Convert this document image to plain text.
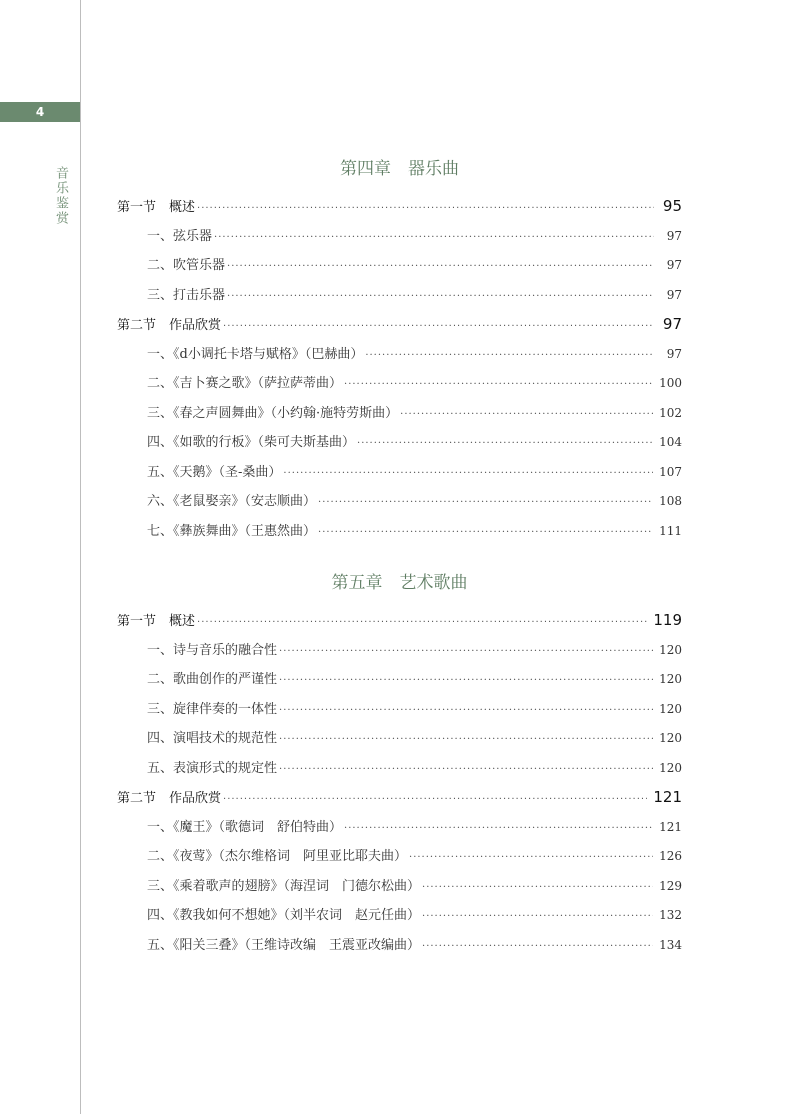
4
音乐鉴赏	第四章　器乐曲
第一节　概述 ·····	95
一、弦乐器 ·····	97
二、吹管乐器 ·····	97
三、打击乐器 ·····	97
第二节　作品欣赏 ·····	97
一、《d小调托卡塔与赋格》（巴赫曲） ·····	97
二、《吉卜赛之歌》（萨拉萨蒂曲） ·····	100
三、《春之声圆舞曲》（小约翰·施特劳斯曲） ·····	102
四、《如歌的行板》（柴可夫斯基曲） ·····	104
五、《天鹅》（圣-桑曲） ·····	107
六、《老鼠娶亲》（安志顺曲） ·····	108
七、《彝族舞曲》（王惠然曲） ·····	111
第五章　艺术歌曲
第一节　概述 ·····	119
一、诗与音乐的融合性 ·····	120
二、歌曲创作的严谨性 ·····	120
三、旋律伴奏的一体性 ·····	120
四、演唱技术的规范性 ·····	120
五、表演形式的规定性 ·····	120
第二节　作品欣赏 ·····	121
一、《魔王》（歌德词　舒伯特曲） ·····	121
二、《夜莺》（杰尔维格词　阿里亚比耶夫曲） ·····	126
三、《乘着歌声的翅膀》（海涅词　门德尔松曲） ·····	129
四、《教我如何不想她》（刘半农词　赵元任曲） ·····	132
五、《阳关三叠》（王维诗改编　王震亚改编曲） ·····	134
